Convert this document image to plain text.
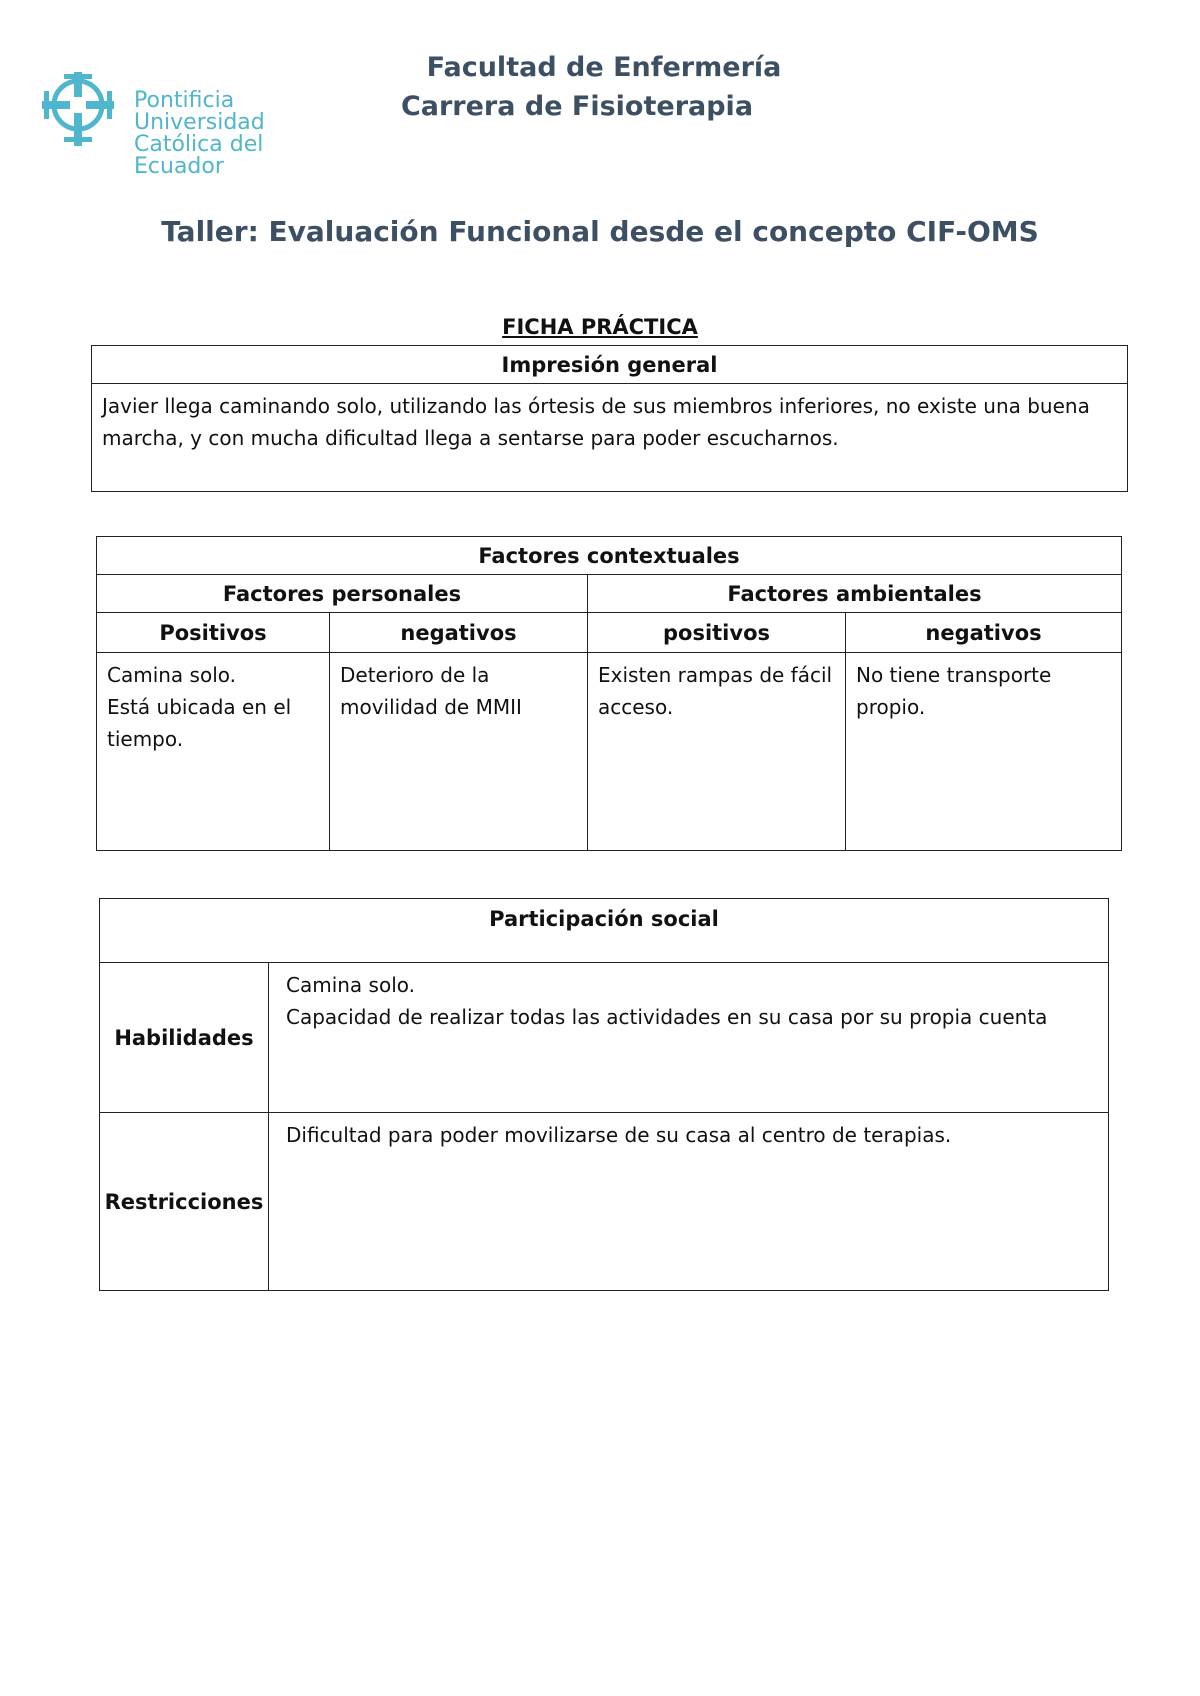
Pontificia Universidad
Católica del Ecuador
Facultad de Enfermería
Carrera de Fisioterapia
Taller: Evaluación Funcional desde el concepto CIF-OMS
FICHA PRÁCTICA
Impresión general
Javier llega caminando solo, utilizando las órtesis de sus miembros inferiores, no existe una buena marcha, y con mucha dificultad llega a sentarse para poder escucharnos.
Factores contextuales			
Factores personales		Factores ambientales	
Positivos	negativos	positivos	negativos

Camina solo.
Está ubicada en el tiempo.	Deterioro de la movilidad de MMII	Existen rampas de fácil acceso.	No tiene transporte propio.
Participación social	
Habilidades	Camina solo.
Capacidad de realizar todas las actividades en su casa por su propia cuenta

Restricciones	Dificultad para poder movilizarse de su casa al centro de terapias.
